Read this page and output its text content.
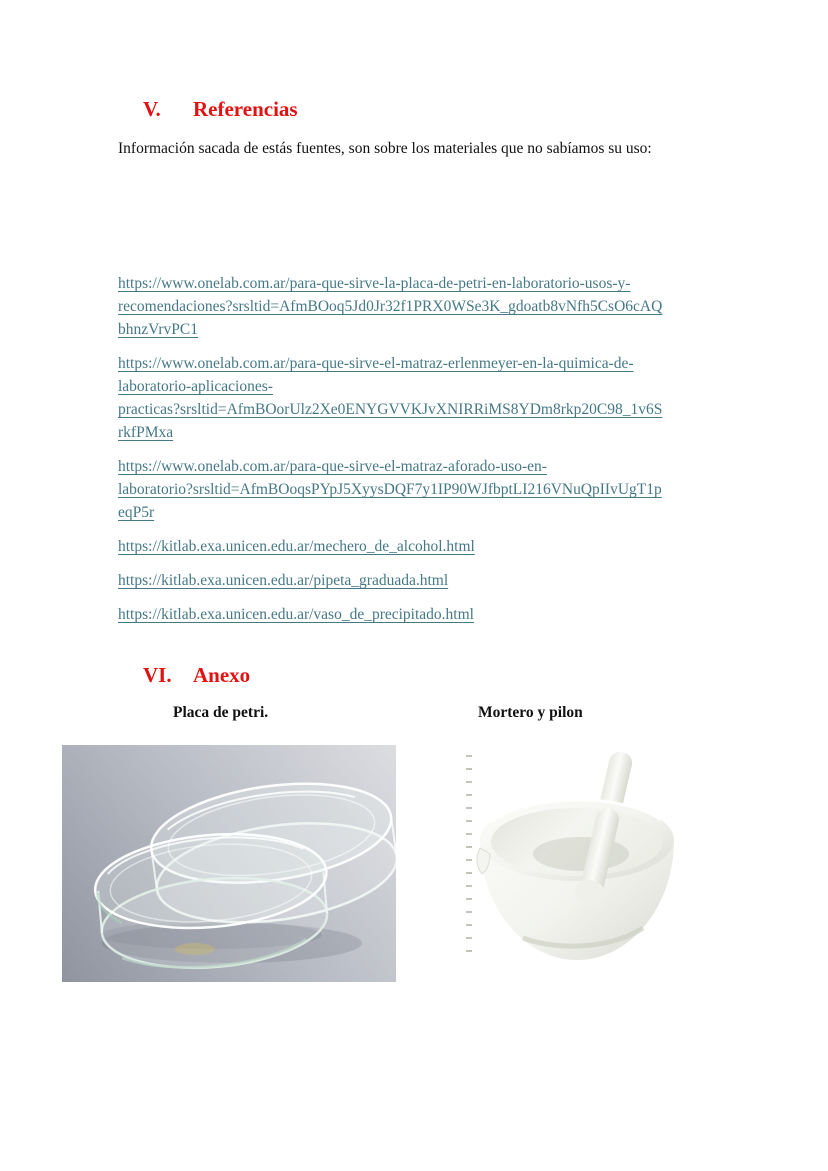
V. Referencias

Información sacada de estás fuentes, son sobre los materiales que no sabíamos su uso:

https://www.onelab.com.ar/para-que-sirve-la-placa-de-petri-en-laboratorio-usos-y-
recomendaciones?srsltid=AfmBOoq5Jd0Jr32f1PRX0WSe3K_gdoatb8vNfh5CsO6cAQ
bhnzVrvPC1
https://www.onelab.com.ar/para-que-sirve-el-matraz-erlenmeyer-en-la-quimica-de-
laboratorio-aplicaciones-
practicas?srsltid=AfmBOorUlz2Xe0ENYGVVKJvXNIRRiMS8YDm8rkp20C98_1v6S
rkfPMxa
https://www.onelab.com.ar/para-que-sirve-el-matraz-aforado-uso-en-
laboratorio?srsltid=AfmBOoqsPYpJ5XyysDQF7y1IP90WJfbptLI216VNuQpIIvUgT1p
eqP5r
https://kitlab.exa.unicen.edu.ar/mechero_de_alcohol.html
https://kitlab.exa.unicen.edu.ar/pipeta_graduada.html
https://kitlab.exa.unicen.edu.ar/vaso_de_precipitado.html
VI. Anexo

Placa de petri.	Mortero y pilon
